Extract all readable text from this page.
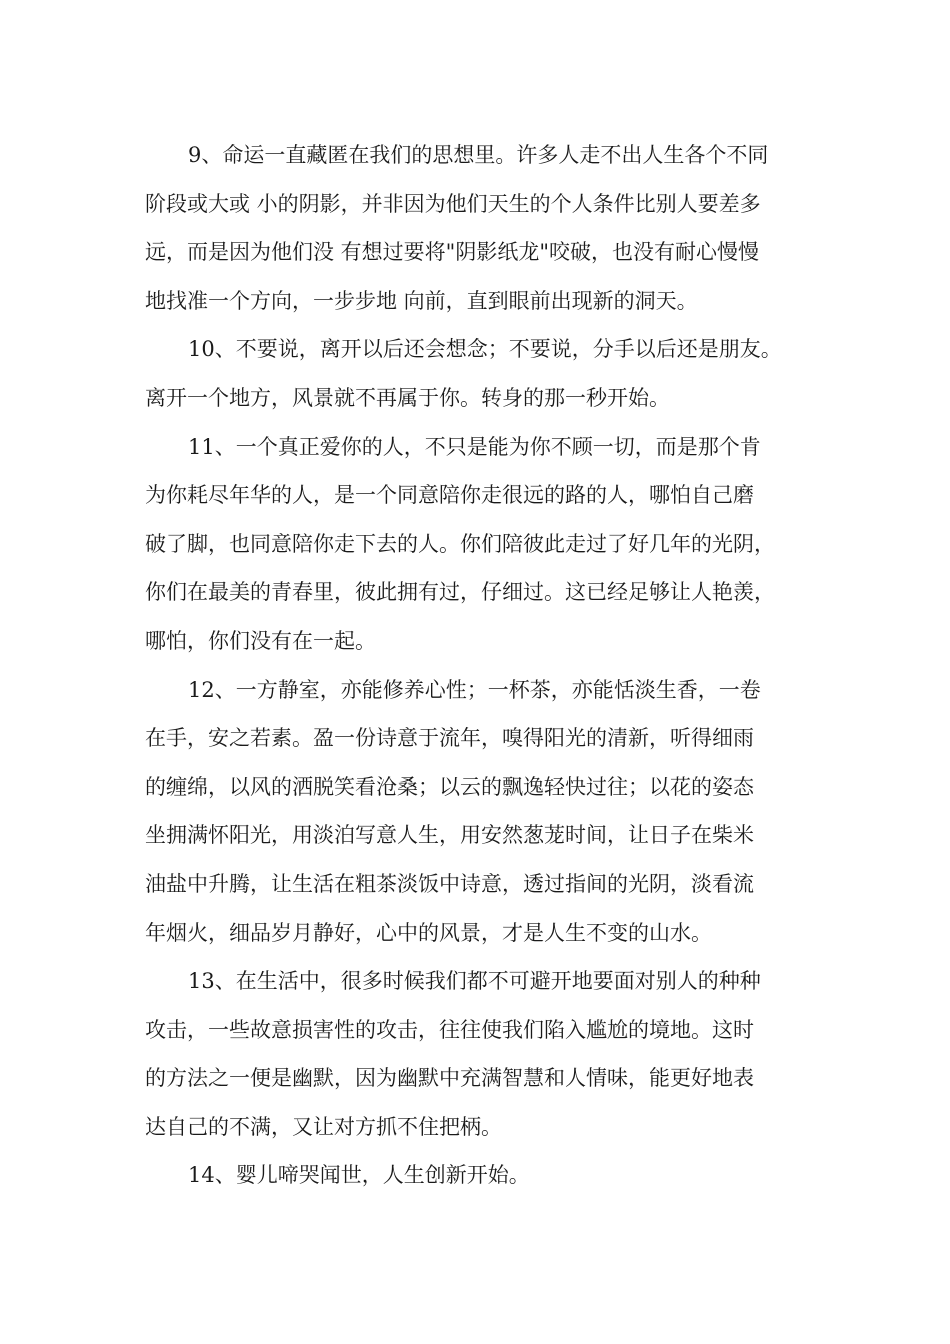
9、命运一直藏匿在我们的思想里。许多人走不出人生各个不同
阶段或大或 小的阴影，并非因为他们天生的个人条件比别人要差多
远，而是因为他们没 有想过要将"阴影纸龙"咬破，也没有耐心慢慢
地找准一个方向，一步步地 向前，直到眼前出现新的洞天。
10、不要说，离开以后还会想念；不要说，分手以后还是朋友。
离开一个地方，风景就不再属于你。转身的那一秒开始。
11、一个真正爱你的人，不只是能为你不顾一切，而是那个肯
为你耗尽年华的人，是一个同意陪你走很远的路的人，哪怕自己磨
破了脚，也同意陪你走下去的人。你们陪彼此走过了好几年的光阴，
你们在最美的青春里，彼此拥有过，仔细过。这已经足够让人艳羡，
哪怕，你们没有在一起。
12、一方静室，亦能修养心性；一杯茶，亦能恬淡生香，一卷
在手，安之若素。盈一份诗意于流年，嗅得阳光的清新，听得细雨
的缠绵，以风的洒脱笑看沧桑；以云的飘逸轻快过往；以花的姿态
坐拥满怀阳光，用淡泊写意人生，用安然葱茏时间，让日子在柴米
油盐中升腾，让生活在粗茶淡饭中诗意，透过指间的光阴，淡看流
年烟火，细品岁月静好，心中的风景，才是人生不变的山水。
13、在生活中，很多时候我们都不可避开地要面对别人的种种
攻击，一些故意损害性的攻击，往往使我们陷入尴尬的境地。这时
的方法之一便是幽默，因为幽默中充满智慧和人情味，能更好地表
达自己的不满，又让对方抓不住把柄。
14、婴儿啼哭闻世，人生创新开始。
